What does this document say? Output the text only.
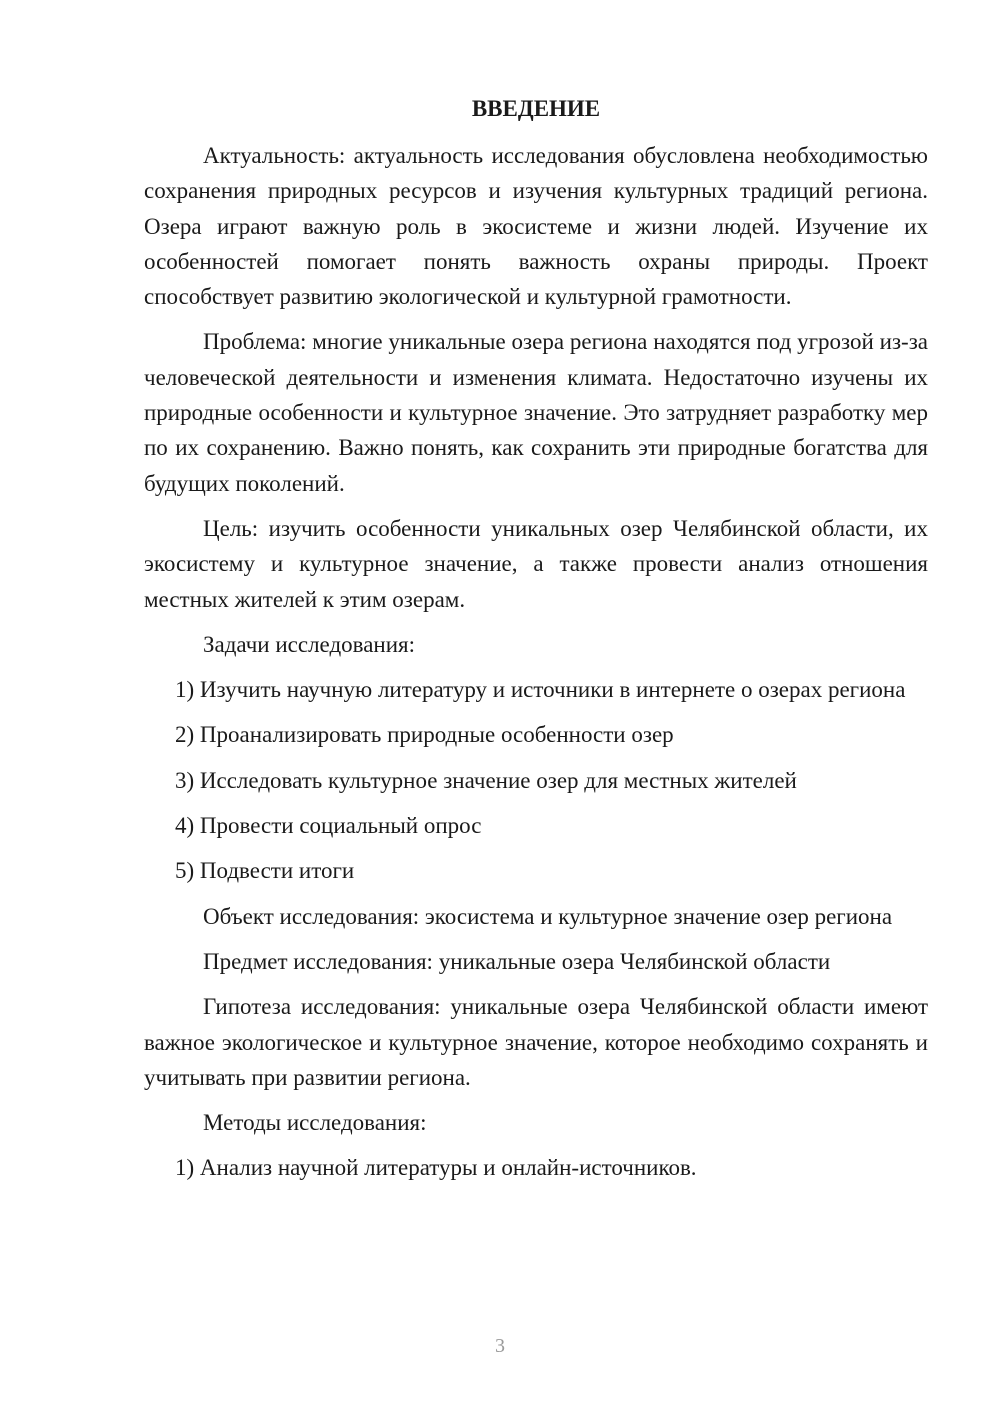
ВВЕДЕНИЕ

Актуальность: актуальность исследования обусловлена необходимостью сохранения природных ресурсов и изучения культурных традиций региона. Озера играют важную роль в экосистеме и жизни людей. Изучение их особенностей помогает понять важность охраны природы. Проект способствует развитию экологической и культурной грамотности.

Проблема: многие уникальные озера региона находятся под угрозой из-за человеческой деятельности и изменения климата. Недостаточно изучены их природные особенности и культурное значение. Это затрудняет разработку мер по их сохранению. Важно понять, как сохранить эти природные богатства для будущих поколений.

Цель: изучить особенности уникальных озер Челябинской области, их экосистему и культурное значение, а также провести анализ отношения местных жителей к этим озерам.

Задачи исследования:

1) Изучить научную литературу и источники в интернете о озерах региона

2) Проанализировать природные особенности озер

3) Исследовать культурное значение озер для местных жителей

4) Провести социальный опрос

5) Подвести итоги

Объект исследования: экосистема и культурное значение озер региона

Предмет исследования: уникальные озера Челябинской области

Гипотеза исследования: уникальные озера Челябинской области имеют важное экологическое и культурное значение, которое необходимо сохранять и учитывать при развитии региона.

Методы исследования:

1) Анализ научной литературы и онлайн-источников.

3
